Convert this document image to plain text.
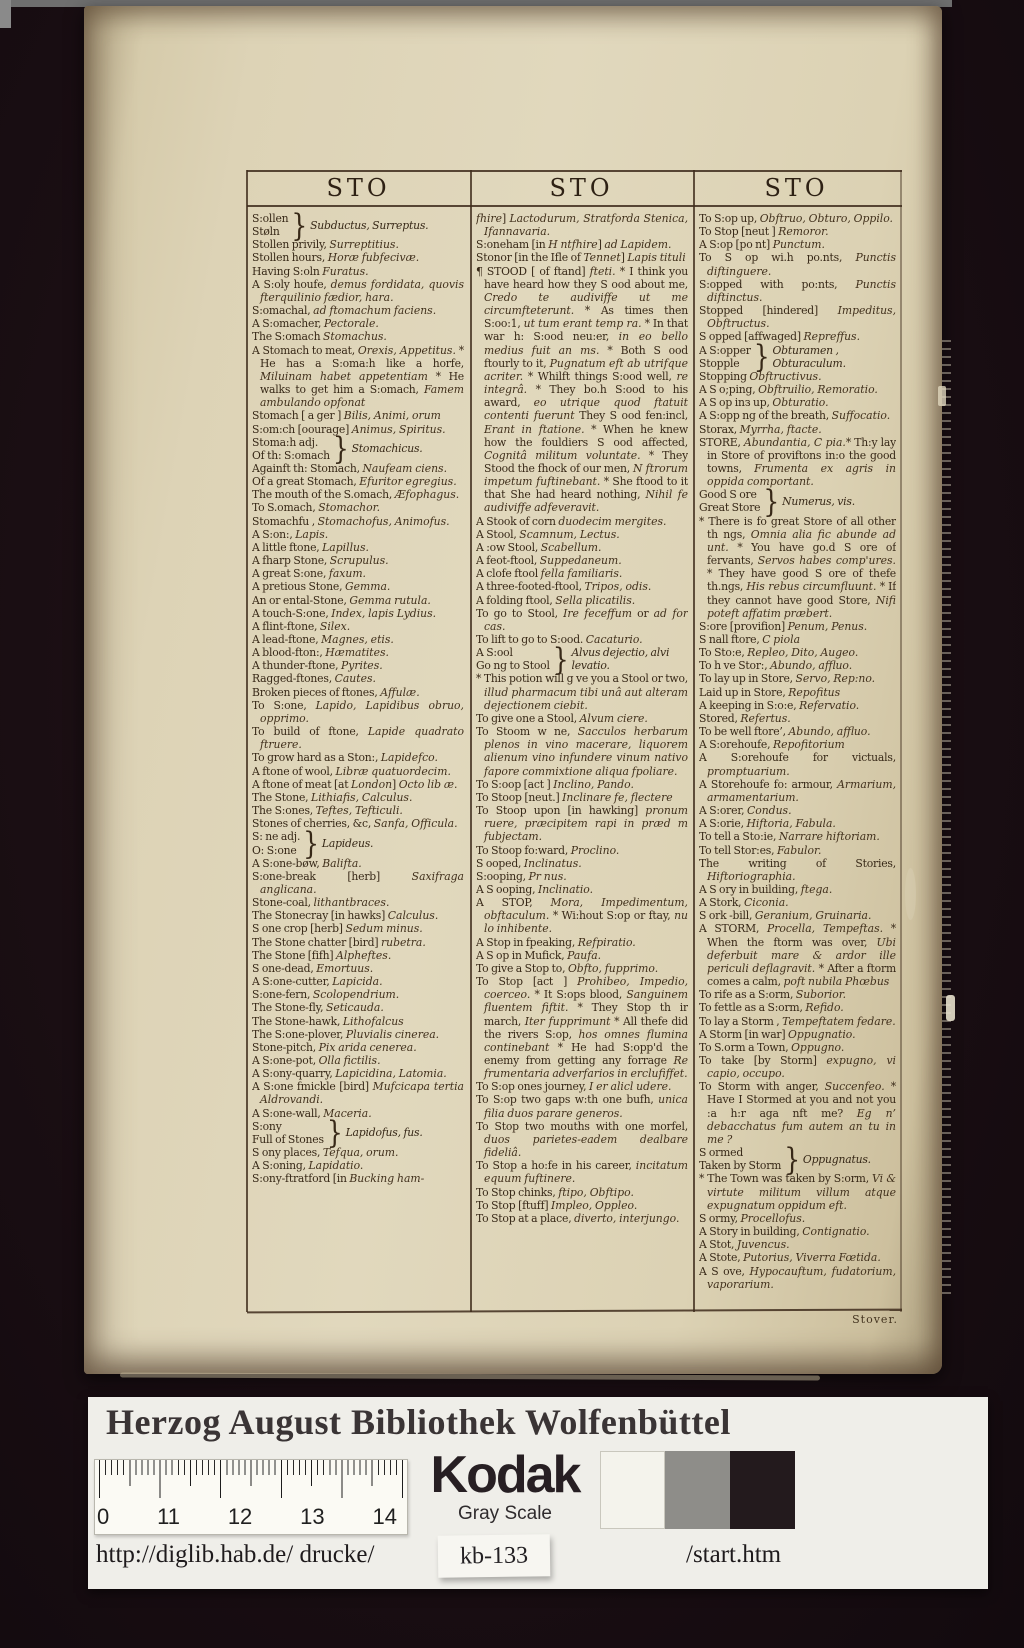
STO	STO	STO
S:ollen
Støln } Subductus, Surreptus.

Stollen privily, Surreptitius.

Stollen hours, Horæ fubfecivæ.

Having S:oln Furatus.

A S:oly houfe, demus fordidata, quovis fterquilinio fædior, hara.

S:omachal, ad ftomachum faciens.

A S:omacher, Pectorale.

The S:omach Stomachus.

A Stomach to meat, Orexis, Appetitus. * He has a S:oma:h like a horfe, Miluinam habet appetentiam * He walks to get him a S:omach, Famem ambulando opfonat

Stomach [ a ger ] Bilis, Animi, orum

S:om:ch [oourage] Animus, Spiritus.

Stoma:h adj.
Of th: S:omach } Stomachicus.

Againft th: Stomach, Naufeam ciens.

Of a great Stomach, Efuritor egregius.

The mouth of the S.omach, Æfophagus.

To S.omach, Stomachor.

Stomachfu , Stomachofus, Animofus.

A S:on:, Lapis.

A little ftone, Lapillus.

A fharp Stone, Scrupulus.

A great S:one, faxum.

A pretious Stone, Gemma.

An or ental-Stone, Gemma rutula.

A touch-S:one, Index, lapis Lydius.

A flint-ftone, Silex.

A lead-ftone, Magnes, etis.

A blood-fton:, Hæmatites.

A thunder-ftone, Pyrites.

Ragged-ftones, Cautes.

Broken pieces of ftones, Affulæ.

To S:one, Lapido, Lapidibus obruo, opprimo.

To build of ftone, Lapide quadrato ftruere.

To grow hard as a Ston:, Lapidefco.

A ftone of wool, Libræ quatuordecim.

A ftone of meat [at London] Octo lib æ.

The Stone, Lithiafis, Calculus.

The S:ones, Teftes, Tefticuli.

Stones of cherries, &c, Sanfa, Officula.

S: ne adj.
O: S:one } Lapideus.

A S:one-bøw, Balifta.

S:one-break [herb] Saxifraga anglicana.

Stone-coal, lithantbraces.

The Stonecray [in hawks] Calculus.

S one crop [herb] Sedum minus.

The Stone chatter [bird] rubetra.

The Stone [fifh] Alpheftes.

S one-dead, Emortuus.

A S:one-cutter, Lapicida.

S:one-fern, Scolopendrium.

The Stone-fly, Seticauda.

The Stone-hawk, Lithofalcus

The S:one-plover, Pluvialis cinerea.

Stone-pitch, Pix arida cenerea.

A S:one-pot, Olla fictilis.

A S:ony-quarry, Lapicidina, Latomia.

A S:one fmickle [bird] Mufcicapa tertia Aldrovandi.

A S:one-wall, Maceria.

S:ony
Full of Stones } Lapidofus, fus.

S ony places, Tefqua, orum.

A S:oning, Lapidatio.

S:ony-ftratford [in Bucking ham-

fhire] Lactodurum, Stratforda Stenica, Ifannavaria.

S:oneham [in H ntfhire] ad Lapidem.

Stonor [in the Ifle of Tennet] Lapis tituli

¶ STOOD [ of ftand] fteti. * I think you have heard how they S ood about me, Credo te audiviffe ut me circumfteterunt. * As times then S:oo:1, ut tum erant temp ra. * In that war h: S:ood neu:er, in eo bello medius fuit an mѕ. * Both S ood ftourly to it, Pugnatum eft ab utrifque acriter. * Whilft things S:ood well, re integrâ. * They bo.h S:ood to his award, eo utrique quod ftatuit contenti fuerunt They S ood fen:incl, Erant in ftatione. * When he knew how the fouldiers S ood affected, Cognitâ militum voluntate. * They Stood the fhock of our men, N ftrorum impetum fuftinebant. * She ftood to it that She had heard nothing, Nihil fe audiviffe adfeveravit.

A Stook of corn duodecim mergites.

A Stool, Scamnum, Lectus.

A :ow Stool, Scabellum.

A feot-ftool, Suppedaneum.

A clofe ftool fella familiaris.

A three-footed-ftool, Tripos, odis.

A folding ftool, Sella plicatilis.

To go to Stool, Ire feceffum or ad for cas.

To lift to go to S:ood. Cacaturio.

A S:ool
Go ng to Stool } Alvus dejectio, alvi levatio.

* This potion will g ve you a Stool or two, illud pharmacum tibi unâ aut alteram dejectionem ciebit.

To give one a Stool, Alvum ciere.

To Stoom w ne, Sacculos herbarum plenos in vino macerare, liquorem alienum vino infundere vinum nativo fapore commixtione aliqua fpoliare.

To S:oop [act ] Inclino, Pando.

To Stoop [neut.] Inclinare fe, flectere

To Stoop upon [in hawking] pronum ruere, præcipitem rapi in præd m fubjectam.

To Stoop fo:ward, Proclino.

S ooped, Inclinatus.

S:ooping, Pr nus.

A S ooping, Inclinatio.

A STOP, Mora, Impedimentum, obftaculum. * Wi:hout S:op or ftay, nu lo inhibente.

A Stop in fpeaking, Refpiratio.

A S op in Mufick, Paufa.

To give a Stop to, Obfto, fupprimo.

To Stop [act ] Prohibeo, Impedio, coerceo. * It S:ops blood, Sanguinem fluentem fiftit. * They Stop th ir march, Iter fupprimunt * All thefe did the rivers S:op, hos omnes flumina continebant * He had S:opp'd the enemy from getting any forrage Re frumentaria adverfarios in erclufiffet.

To S:op ones journey, I er alicl udere.

To S:op two gaps w:th one bufh, unica filia duos parare generos.

To Stop two mouths with one morfel, duos parietes-eadem dealbare fideliâ.

To Stop a ho:fe in his career, incitatum equum fuftinere.

To Stop chinks, ftipo, Obftipo.

To Stop [ftuff] Impleo, Oppleo.

To Stop at a place, diverto, interjungo.

To S:op up, Obftruo, Obturo, Oppilo.

To Stop [neut ] Remoror.

A S:op [po nt] Punctum.

To S op wi.h po.nts, Punctis diftinguere.

S:opped with po:nts, Punctis diftinctus.

Stopped [hindered] Impeditus, Obftructus.

S opped [affwaged] Repreffus.

A S:opper
Stopple } Obturamen , Obturaculum.

Stopping Obftructivus.

A S o;ping, Obftruilio, Remoratio.

A S op inз up, Obturatio.

A S:opp ng of the breath, Suffocatio.

Storax, Myrrha, ftacte.

STORE, Abundantia, C pia.* Th:y lay in Store of proviftons in:o the good towns, Frumenta ex agris in oppida comportant.

Good S ore
Great Store } Numerus, vis.

* There is fo great Store of all other th ngs, Omnia alia fic abunde ad unt. * You have go.d S ore of fervants, Servos habes comp'ures. * They have good S ore of thefe th.ngs, His rebus circumfluunt. * If they cannot have good Store, Nifi poteft affatim præbert.

S:ore [provifion] Penum, Penus.

S nall ftore, C piola

To Sto:e, Repleo, Dito, Augeo.

To h ve Stor:, Abundo, affluo.

To lay up in Store, Servo, Rep:no.

Laid up in Store, Repofitus

A keeping in S:o:e, Refervatio.

Stored, Refertus.

To be well ftore’, Abundo, affluo.

A S:orehoufe, Repofitorium

A S:orehoufe for victuals, promptuarium.

A Storehoufe fo: armour, Armarium, armamentarium.

A S:orer, Condus.

A S:orie, Hiftoria, Fabula.

To tell a Sto:ie, Narrare hiftoriam.

To tell Stor:es, Fabulor.

The writing of Stories, Hiftoriographia.

A S ory in building, ftega.

A Stork, Ciconia.

S ork -bill, Geranium, Gruinaria.

A STORM, Procella, Tempeftas. * When the ftorm was over, Ubi deferbuit mare & ardor ille periculi deflagravit. * After a ftorm comes a calm, poft nubila Phœbus

To rife as a S:orm, Suborior.

To fettle as a S:orm, Refido.

To lay a Storm , Tempeftatem fedare.

A Storm [in war] Oppugnatio.

To S.orm a Town, Oppugno.

To take [by Storm] expugno, vi capio, occupo.

To Storm with anger, Succenfeo. * Have I Stormed at you and not you :a h:r aga nft me? Eg n’ debacchatus fum autem an tu in me ?

S ormed
Taken by Storm } Oppugnatus.

* The Town was taken by S:orm, Vi & virtute militum villum atque expugnatum oppidum eft.

S ormy, Procellofus.

A Story in building, Contignatio.

A Stot, Juvencus.

A Stote, Putorius, Viverra Fœtida.

A S ove, Hypocauftum, fudatorium, vaporarium.

Stover.
Herzog August Bibliothek Wolfenbüttel
0 11 12 13 14
Kodak
Gray Scale
http://diglib.hab.de/ drucke/	kb-133	/start.htm
